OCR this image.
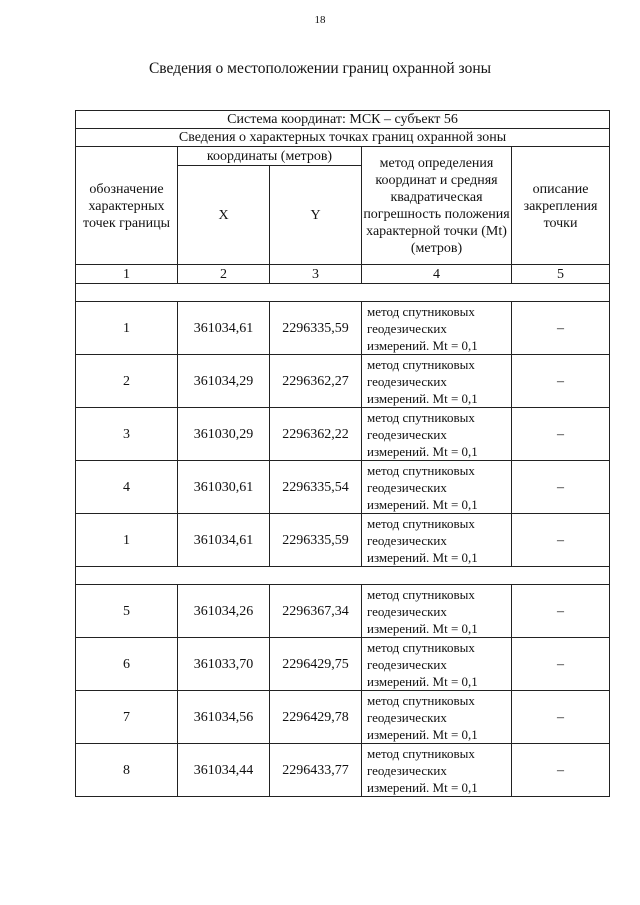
18
Сведения о местоположении границ охранной зоны
Система координат: МСК – субъект 56				
Сведения о характерных точках границ охранной зоны				
обозначение характерных точек границы	координаты (метров)		метод определения координат и средняя квадратическая погрешность положения характерной точки (Mt) (метров)	описание закрепления точки
	X	Y		
1	2	3	4	5

1	361034,61	2296335,59	метод спутниковых геодезических измерений. Mt = 0,1	–
2	361034,29	2296362,27	метод спутниковых геодезических измерений. Mt = 0,1	–
3	361030,29	2296362,22	метод спутниковых геодезических измерений. Mt = 0,1	–
4	361030,61	2296335,54	метод спутниковых геодезических измерений. Mt = 0,1	–
1	361034,61	2296335,59	метод спутниковых геодезических измерений. Mt = 0,1	–

5	361034,26	2296367,34	метод спутниковых геодезических измерений. Mt = 0,1	–
6	361033,70	2296429,75	метод спутниковых геодезических измерений. Mt = 0,1	–
7	361034,56	2296429,78	метод спутниковых геодезических измерений. Mt = 0,1	–
8	361034,44	2296433,77	метод спутниковых геодезических измерений. Mt = 0,1	–
